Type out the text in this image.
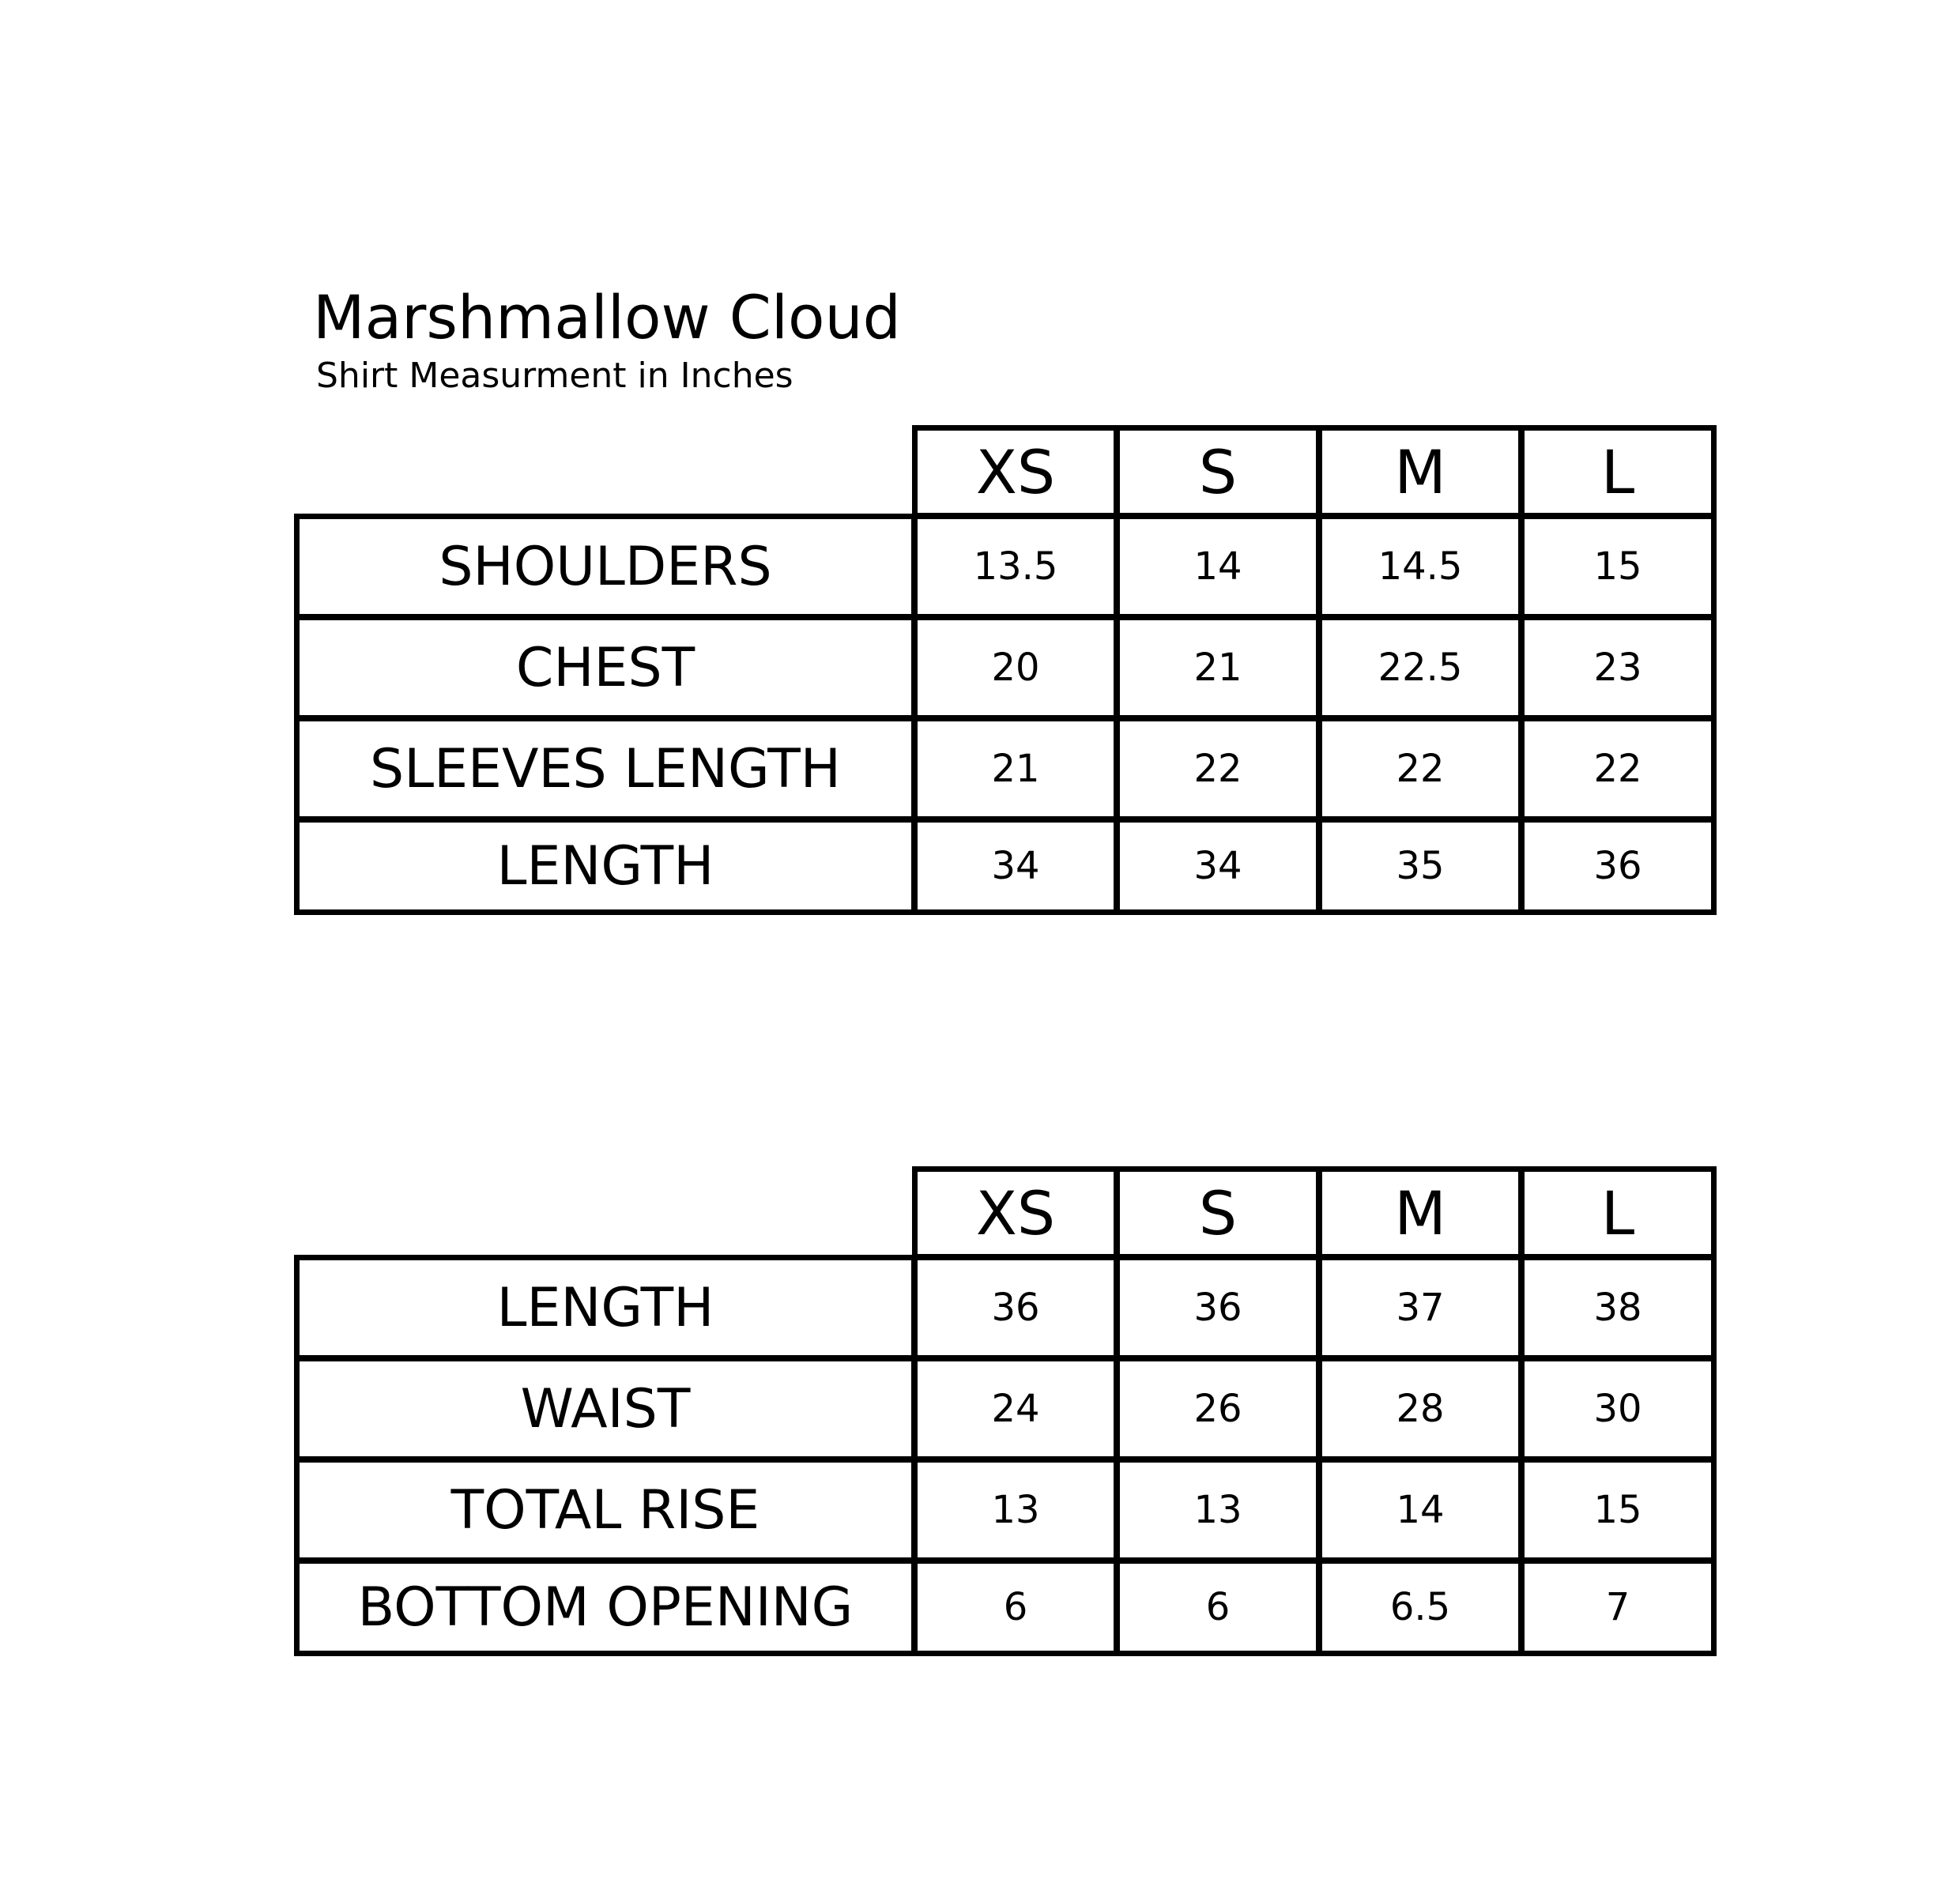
Marshmallow Cloud
Shirt Measurment in Inches
XS	S	M	L
SHOULDERS	13.5	14	14.5	15
CHEST	20	21	22.5	23
SLEEVES LENGTH	21	22	22	22
LENGTH	34	34	35	36
XS	S	M	L
LENGTH	36	36	37	38
WAIST	24	26	28	30
TOTAL RISE	13	13	14	15
BOTTOM OPENING	6	6	6.5	7
